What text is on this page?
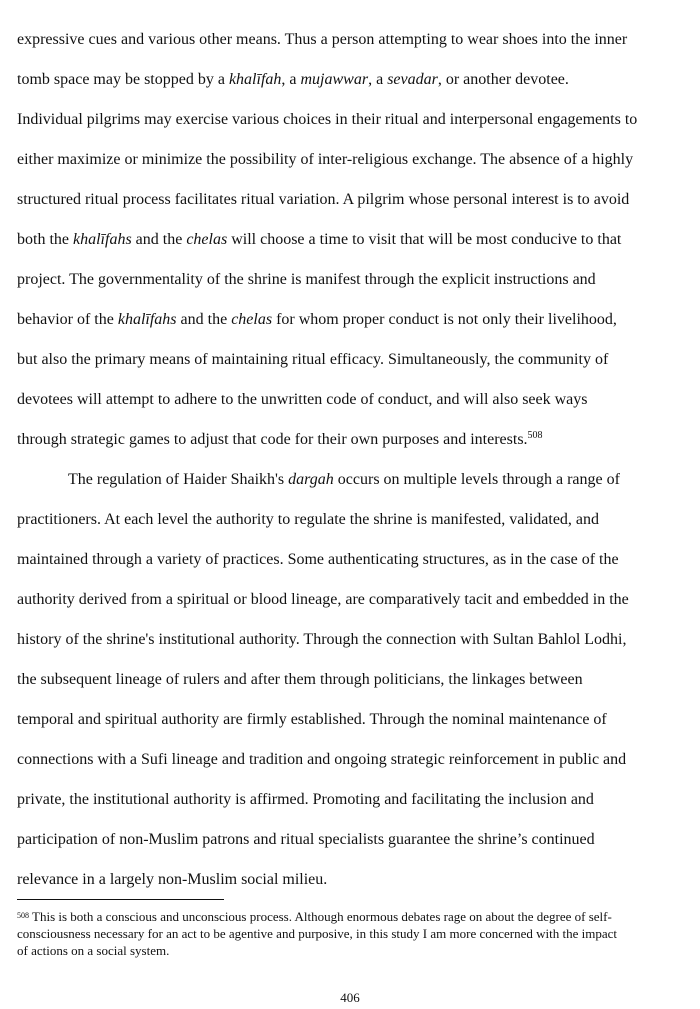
expressive cues and various other means. Thus a person attempting to wear shoes into the inner
tomb space may be stopped by a khalīfah, a mujawwar, a sevadar, or another devotee.
Individual pilgrims may exercise various choices in their ritual and interpersonal engagements to
either maximize or minimize the possibility of inter-religious exchange. The absence of a highly
structured ritual process facilitates ritual variation. A pilgrim whose personal interest is to avoid
both the khalīfahs and the chelas will choose a time to visit that will be most conducive to that
project. The governmentality of the shrine is manifest through the explicit instructions and
behavior of the khalīfahs and the chelas for whom proper conduct is not only their livelihood,
but also the primary means of maintaining ritual efficacy. Simultaneously, the community of
devotees will attempt to adhere to the unwritten code of conduct, and will also seek ways
through strategic games to adjust that code for their own purposes and interests.$^{508}$

The regulation of Haider Shaikh's dargah occurs on multiple levels through a range of
practitioners. At each level the authority to regulate the shrine is manifested, validated, and
maintained through a variety of practices. Some authenticating structures, as in the case of the
authority derived from a spiritual or blood lineage, are comparatively tacit and embedded in the
history of the shrine's institutional authority. Through the connection with Sultan Bahlol Lodhi,
the subsequent lineage of rulers and after them through politicians, the linkages between
temporal and spiritual authority are firmly established. Through the nominal maintenance of
connections with a Sufi lineage and tradition and ongoing strategic reinforcement in public and
private, the institutional authority is affirmed. Promoting and facilitating the inclusion and
participation of non-Muslim patrons and ritual specialists guarantee the shrine’s continued
relevance in a largely non-Muslim social milieu.

$^{508}$ This is both a conscious and unconscious process. Although enormous debates rage on about the degree of self-
consciousness necessary for an act to be agentive and purposive, in this study I am more concerned with the impact
of actions on a social system.
406
